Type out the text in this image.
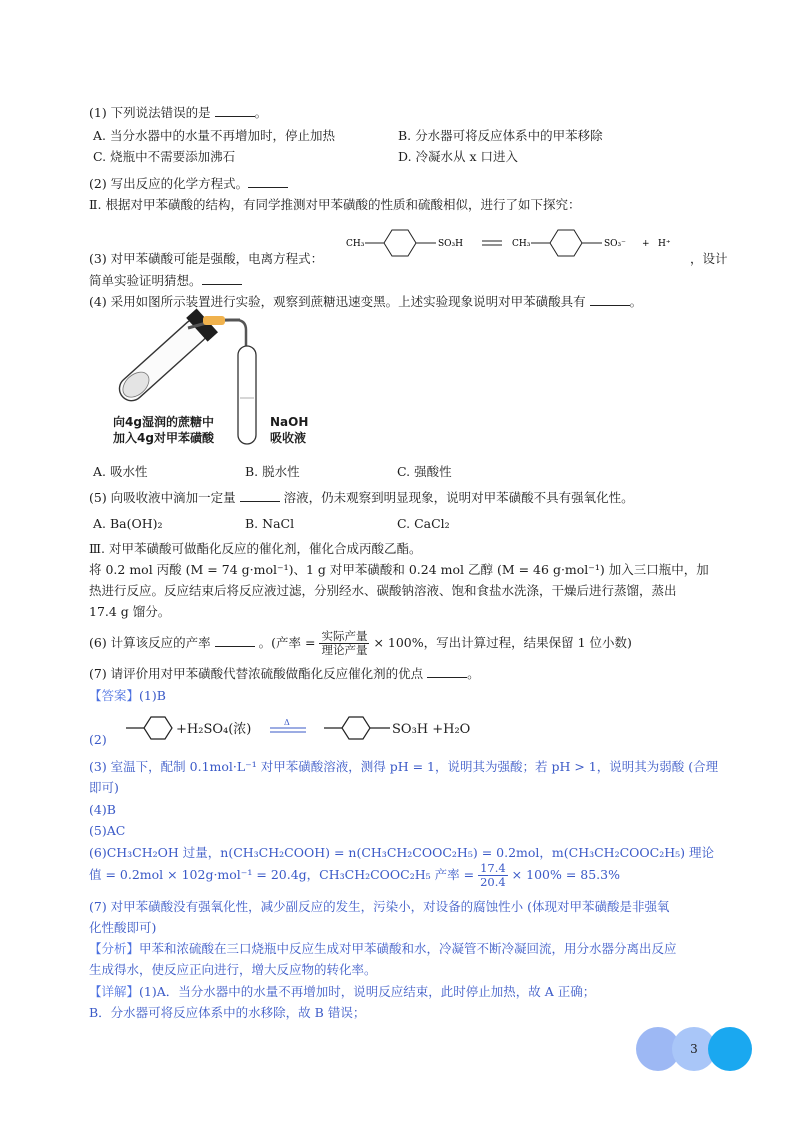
(1) 下列说法错误的是	。
A. 当分水器中的水量不再增加时，停止加热	B. 分水器可将反应体系中的甲苯移除
C. 烧瓶中不需要添加沸石	D. 冷凝水从 x 口进入
(2) 写出反应的化学方程式。
Ⅱ. 根据对甲苯磺酸的结构，有同学推测对甲苯磺酸的性质和硫酸相似，进行了如下探究：
(3) 对甲苯磺酸可能是强酸，电离方程式：
CH₃	SO₃H	CH₃	SO₃⁻ + H⁺
，设计
简单实验证明猜想。
(4) 采用如图所示装置进行实验，观察到蔗糖迅速变黑。上述实验现象说明对甲苯磺酸具有	。
向4g湿润的蔗糖中
加入4g对甲苯磺酸
NaOH
吸收液
A. 吸水性	B. 脱水性	C. 强酸性
(5) 向吸收液中滴加一定量	溶液，仍未观察到明显现象，说明对甲苯磺酸不具有强氧化性。
A. Ba(OH)₂	B. NaCl	C. CaCl₂
Ⅲ. 对甲苯磺酸可做酯化反应的催化剂，催化合成丙酸乙酯。
将 0.2 mol 丙酸 (M = 74 g·mol⁻¹)、1 g 对甲苯磺酸和 0.24 mol 乙醇 (M = 46 g·mol⁻¹) 加入三口瓶中，加
热进行反应。反应结束后将反应液过滤，分别经水、碳酸钠溶液、饱和食盐水洗涤，干燥后进行蒸馏，蒸出
17.4 g 馏分。
(6) 计算该反应的产率	。(产率 = $\frac{\text{实际产量}}{\text{理论产量}} \times 100\%$，写出计算过程，结果保留 1 位小数)
(7) 请评价用对甲苯磺酸代替浓硫酸做酯化反应催化剂的优点	。
【答案】(1)B
(2)
+H₂SO₄(浓)	Δ	SO₃H +H₂O
(3) 室温下，配制 0.1mol·L⁻¹ 对甲苯磺酸溶液，测得 pH = 1，说明其为强酸；若 pH > 1，说明其为弱酸 (合理
即可)
(4)B
(5)AC
(6)CH₃CH₂OH 过量，n(CH₃CH₂COOH) = n(CH₃CH₂COOC₂H₅) = 0.2mol，m(CH₃CH₂COOC₂H₅) 理论
值 = 0.2mol × 102g·mol⁻¹ = 20.4g，CH₃CH₂COOC₂H₅ 产率 = $\frac{17.4}{20.4} \times 100\% = 85.3\%$
(7) 对甲苯磺酸没有强氧化性，减少副反应的发生，污染小，对设备的腐蚀性小 (体现对甲苯磺酸是非强氧
化性酸即可)
【分析】甲苯和浓硫酸在三口烧瓶中反应生成对甲苯磺酸和水，冷凝管不断冷凝回流，用分水器分离出反应
生成得水，使反应正向进行，增大反应物的转化率。
【详解】(1)A．当分水器中的水量不再增加时，说明反应结束，此时停止加热，故 A 正确；
B．分水器可将反应体系中的水移除，故 B 错误；
3
